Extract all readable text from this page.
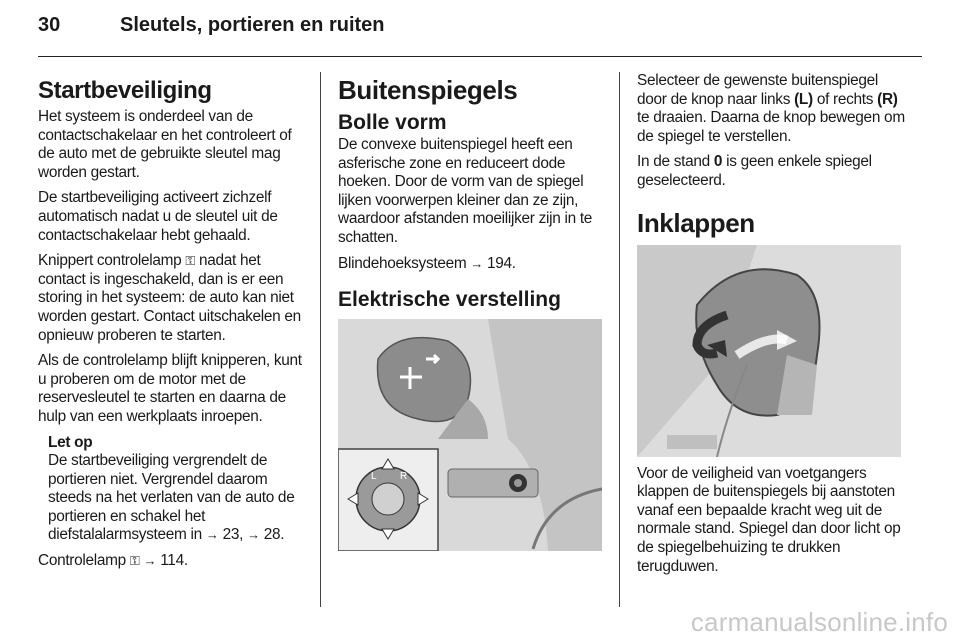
30	Sleutels, portieren en ruiten
Startbeveiliging

Het systeem is onderdeel van de contactschakelaar en het controleert of de auto met de gebruikte sleutel mag worden gestart.

De startbeveiliging activeert zichzelf automatisch nadat u de sleutel uit de contactschakelaar hebt gehaald.

Knippert controlelamp ⚿ nadat het contact is ingeschakeld, dan is er een storing in het systeem: de auto kan niet worden gestart. Contact uitschakelen en opnieuw proberen te starten.

Als de controlelamp blijft knipperen, kunt u proberen om de motor met de reservesleutel te starten en daarna de hulp van een werkplaats inroepen.

Let op

De startbeveiliging vergrendelt de portieren niet. Vergrendel daarom steeds na het verlaten van de auto de portieren en schakel het diefstalalarmsysteem in → 23, → 28.

Controlelamp ⚿ → 114.

Buitenspiegels
Bolle vorm

De convexe buitenspiegel heeft een asferische zone en reduceert dode hoeken. Door de vorm van de spiegel lijken voorwerpen kleiner dan ze zijn, waardoor afstanden moeilijker zijn in te schatten.

Blindehoeksysteem → 194.

Elektrische verstelling
L R

Selecteer de gewenste buitenspiegel door de knop naar links (L) of rechts (R) te draaien. Daarna de knop bewegen om de spiegel te verstellen.

In de stand 0 is geen enkele spiegel geselecteerd.

Inklappen

Voor de veiligheid van voetgangers klappen de buitenspiegels bij aanstoten vanaf een bepaalde kracht weg uit de normale stand. Spiegel dan door licht op de spiegelbehuizing te drukken terugduwen.

carmanualsonline.info
